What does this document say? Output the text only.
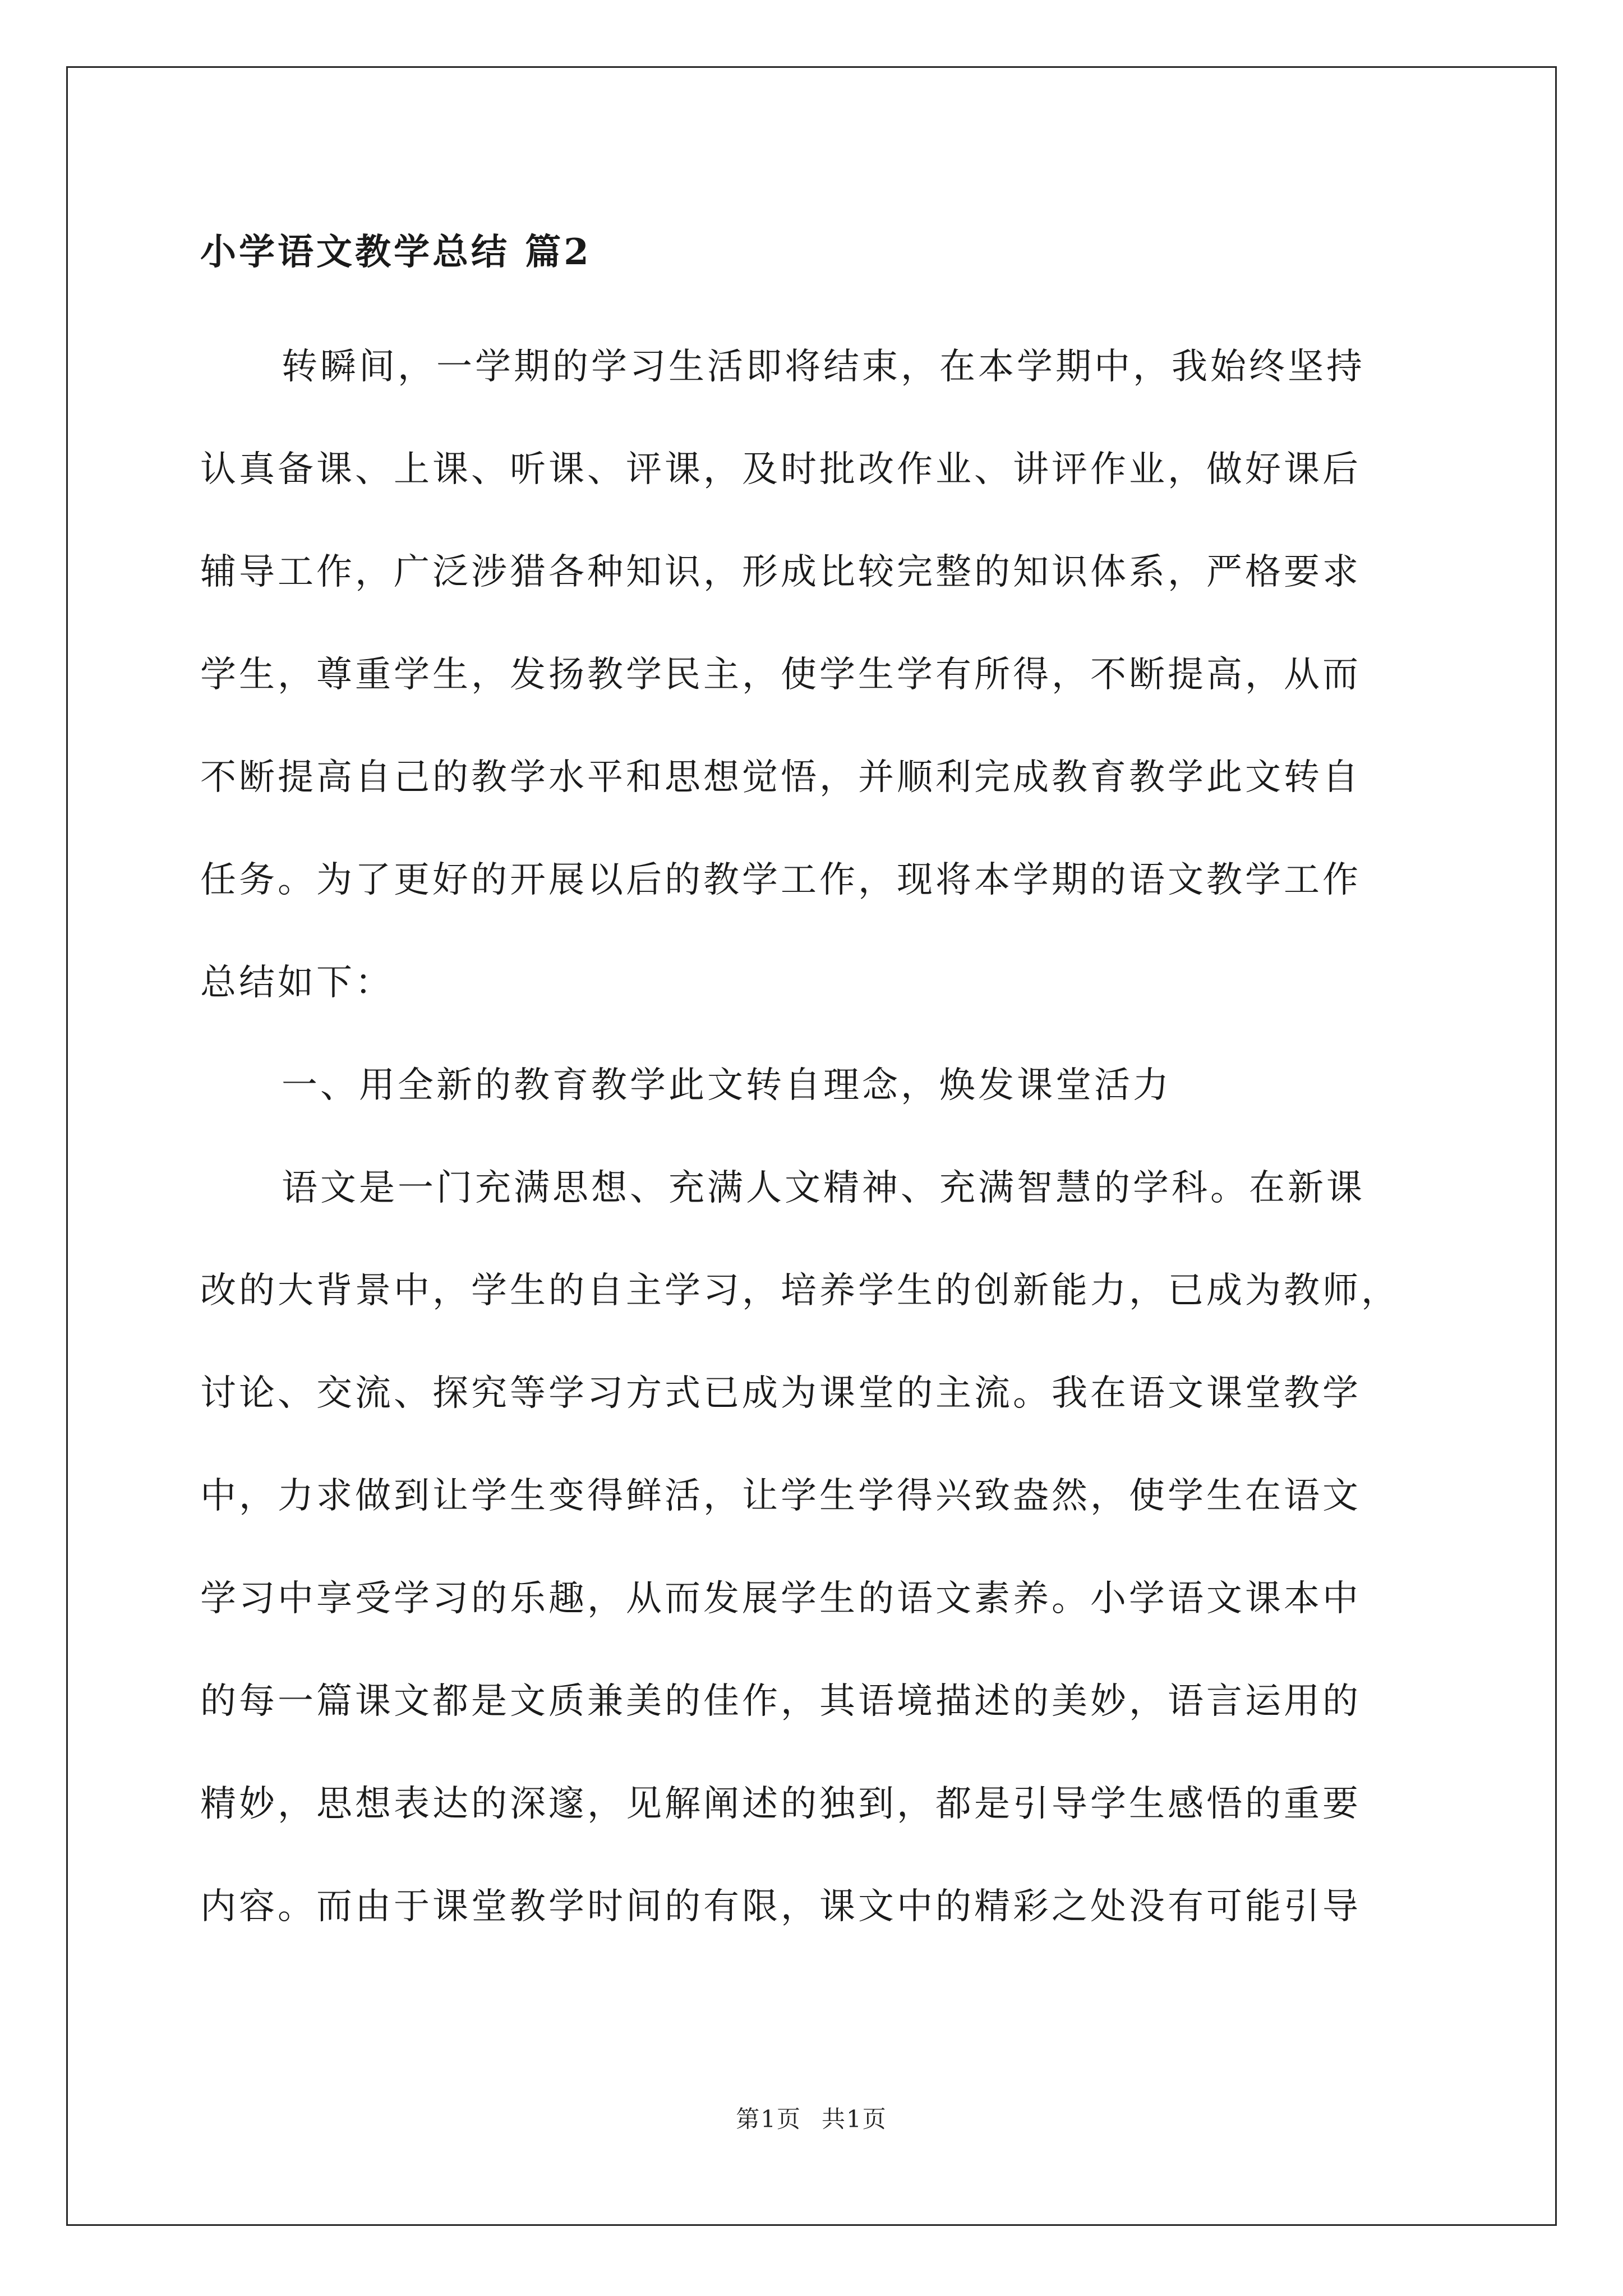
小学语文教学总结 篇2

转瞬间，一学期的学习生活即将结束，在本学期中，我始终坚持
认真备课、上课、听课、评课，及时批改作业、讲评作业，做好课后
辅导工作，广泛涉猎各种知识，形成比较完整的知识体系，严格要求
学生，尊重学生，发扬教学民主，使学生学有所得，不断提高，从而
不断提高自己的教学水平和思想觉悟，并顺利完成教育教学此文转自
任务。为了更好的开展以后的教学工作，现将本学期的语文教学工作
总结如下：

一、用全新的教育教学此文转自理念，焕发课堂活力

语文是一门充满思想、充满人文精神、充满智慧的学科。在新课
改的大背景中，学生的自主学习，培养学生的创新能力，已成为教师，
讨论、交流、探究等学习方式已成为课堂的主流。我在语文课堂教学
中，力求做到让学生变得鲜活，让学生学得兴致盎然，使学生在语文
学习中享受学习的乐趣，从而发展学生的语文素养。小学语文课本中
的每一篇课文都是文质兼美的佳作，其语境描述的美妙，语言运用的
精妙，思想表达的深邃，见解阐述的独到，都是引导学生感悟的重要
内容。而由于课堂教学时间的有限，课文中的精彩之处没有可能引导

第1页 共1页
